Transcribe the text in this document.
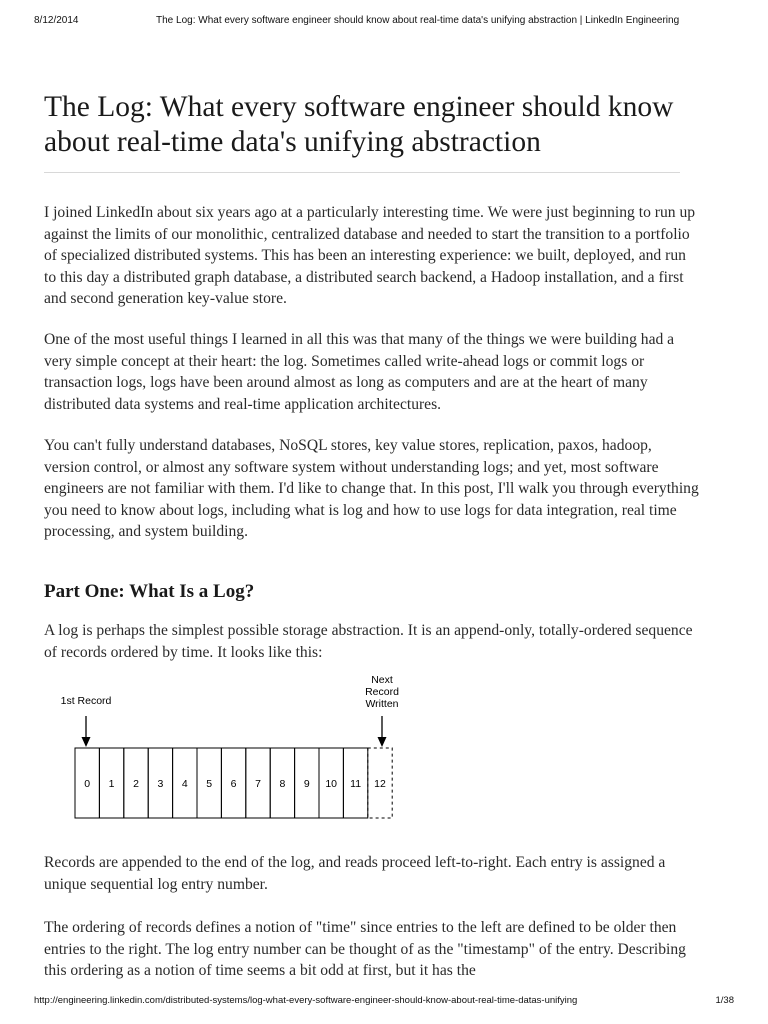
8/12/2014	The Log: What every software engineer should know about real-time data's unifying abstraction | LinkedIn Engineering
The Log: What every software engineer should know about real-time data's unifying abstraction

I joined LinkedIn about six years ago at a particularly interesting time. We were just beginning to run up against the limits of our monolithic, centralized database and needed to start the transition to a portfolio of specialized distributed systems. This has been an interesting experience: we built, deployed, and run to this day a distributed graph database, a distributed search backend, a Hadoop installation, and a first and second generation key-value store.

One of the most useful things I learned in all this was that many of the things we were building had a very simple concept at their heart: the log. Sometimes called write-ahead logs or commit logs or transaction logs, logs have been around almost as long as computers and are at the heart of many distributed data systems and real-time application architectures.

You can't fully understand databases, NoSQL stores, key value stores, replication, paxos, hadoop, version control, or almost any software system without understanding logs; and yet, most software engineers are not familiar with them. I'd like to change that. In this post, I'll walk you through everything you need to know about logs, including what is log and how to use logs for data integration, real time processing, and system building.

Part One: What Is a Log?

A log is perhaps the simplest possible storage abstraction. It is an append-only, totally-ordered sequence of records ordered by time. It looks like this:

Records are appended to the end of the log, and reads proceed left-to-right. Each entry is assigned a unique sequential log entry number.

The ordering of records defines a notion of "time" since entries to the left are defined to be older then entries to the right. The log entry number can be thought of as the "timestamp" of the entry. Describing this ordering as a notion of time seems a bit odd at first, but it has the

1st Record
Next
Record
Written
0 1 2 3 4 5 6 7 8 9 10 11 12
http://engineering.linkedin.com/distributed-systems/log-what-every-software-engineer-should-know-about-real-time-datas-unifying	1/38
